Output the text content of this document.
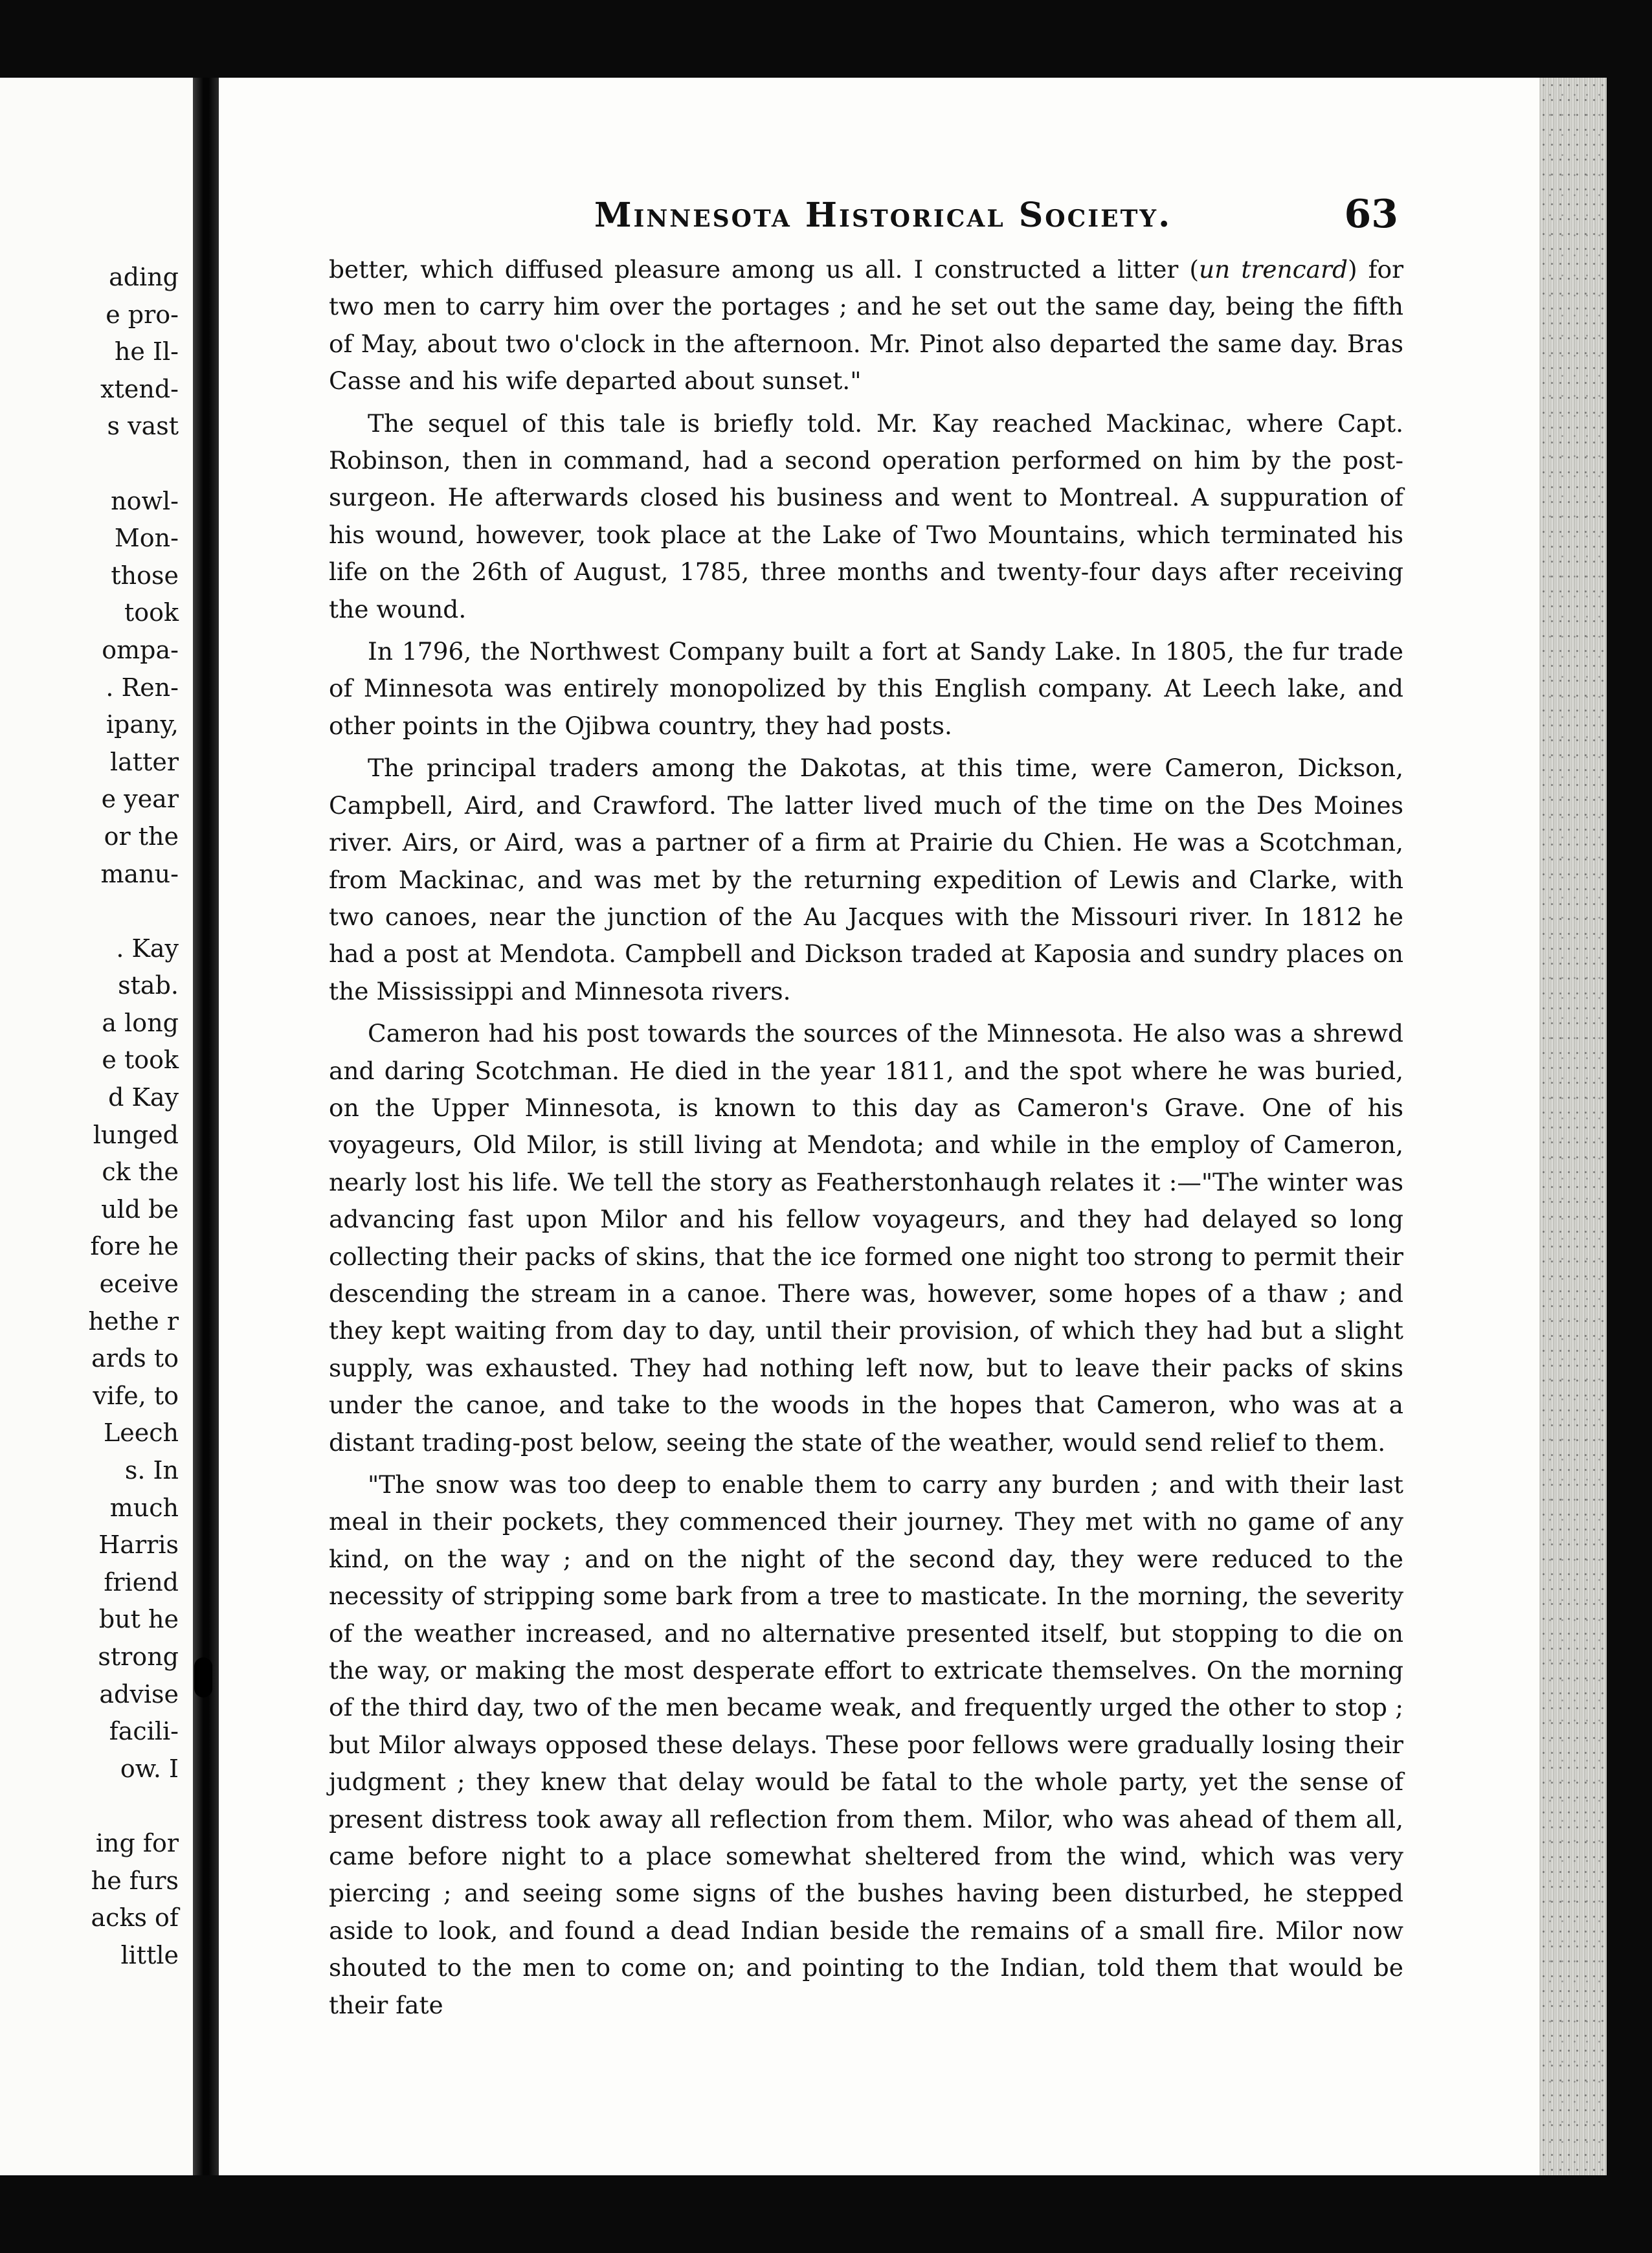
ading
e pro-
he Il-
xtend-
s vast
nowl-
Mon-
those
took
ompa-
. Ren-
ipany,
latter
e year
or the
manu-
. Kay
stab.
a long
e took
d Kay
lunged
ck the
uld be
fore he
eceive
hethe r
ards to
vife, to
Leech
s. In
much
Harris
friend
but he
strong
advise
facili-
ow. I
ing for
he furs
acks of
little
Minnesota Historical Society.	63

better, which diffused pleasure among us all. I constructed a litter (un trencard) for two men to carry him over the portages ; and he set out the same day, being the fifth of May, about two o'clock in the afternoon. Mr. Pinot also departed the same day. Bras Casse and his wife departed about sunset."

The sequel of this tale is briefly told. Mr. Kay reached Mackinac, where Capt. Robinson, then in command, had a second operation performed on him by the post-surgeon. He afterwards closed his business and went to Montreal. A suppuration of his wound, however, took place at the Lake of Two Mountains, which terminated his life on the 26th of August, 1785, three months and twenty-four days after receiving the wound.

In 1796, the Northwest Company built a fort at Sandy Lake. In 1805, the fur trade of Minnesota was entirely monopolized by this English company. At Leech lake, and other points in the Ojibwa country, they had posts.

The principal traders among the Dakotas, at this time, were Cameron, Dickson, Campbell, Aird, and Crawford. The latter lived much of the time on the Des Moines river. Airs, or Aird, was a partner of a firm at Prairie du Chien. He was a Scotchman, from Mackinac, and was met by the returning expedition of Lewis and Clarke, with two canoes, near the junction of the Au Jacques with the Missouri river. In 1812 he had a post at Mendota. Campbell and Dickson traded at Kaposia and sundry places on the Mississippi and Minnesota rivers.

Cameron had his post towards the sources of the Minnesota. He also was a shrewd and daring Scotchman. He died in the year 1811, and the spot where he was buried, on the Upper Minnesota, is known to this day as Cameron's Grave. One of his voyageurs, Old Milor, is still living at Mendota; and while in the employ of Cameron, nearly lost his life. We tell the story as Featherstonhaugh relates it :—"The winter was advancing fast upon Milor and his fellow voyageurs, and they had delayed so long collecting their packs of skins, that the ice formed one night too strong to permit their descending the stream in a canoe. There was, however, some hopes of a thaw ; and they kept waiting from day to day, until their provision, of which they had but a slight supply, was exhausted. They had nothing left now, but to leave their packs of skins under the canoe, and take to the woods in the hopes that Cameron, who was at a distant trading-post below, seeing the state of the weather, would send relief to them.

"The snow was too deep to enable them to carry any burden ; and with their last meal in their pockets, they commenced their journey. They met with no game of any kind, on the way ; and on the night of the second day, they were reduced to the necessity of stripping some bark from a tree to masticate. In the morning, the severity of the weather increased, and no alternative presented itself, but stopping to die on the way, or making the most desperate effort to extricate themselves. On the morning of the third day, two of the men became weak, and frequently urged the other to stop ; but Milor always opposed these delays. These poor fellows were gradually losing their judgment ; they knew that delay would be fatal to the whole party, yet the sense of present distress took away all reflection from them. Milor, who was ahead of them all, came before night to a place somewhat sheltered from the wind, which was very piercing ; and seeing some signs of the bushes having been disturbed, he stepped aside to look, and found a dead Indian beside the remains of a small fire. Milor now shouted to the men to come on; and pointing to the Indian, told them that would be their fate
